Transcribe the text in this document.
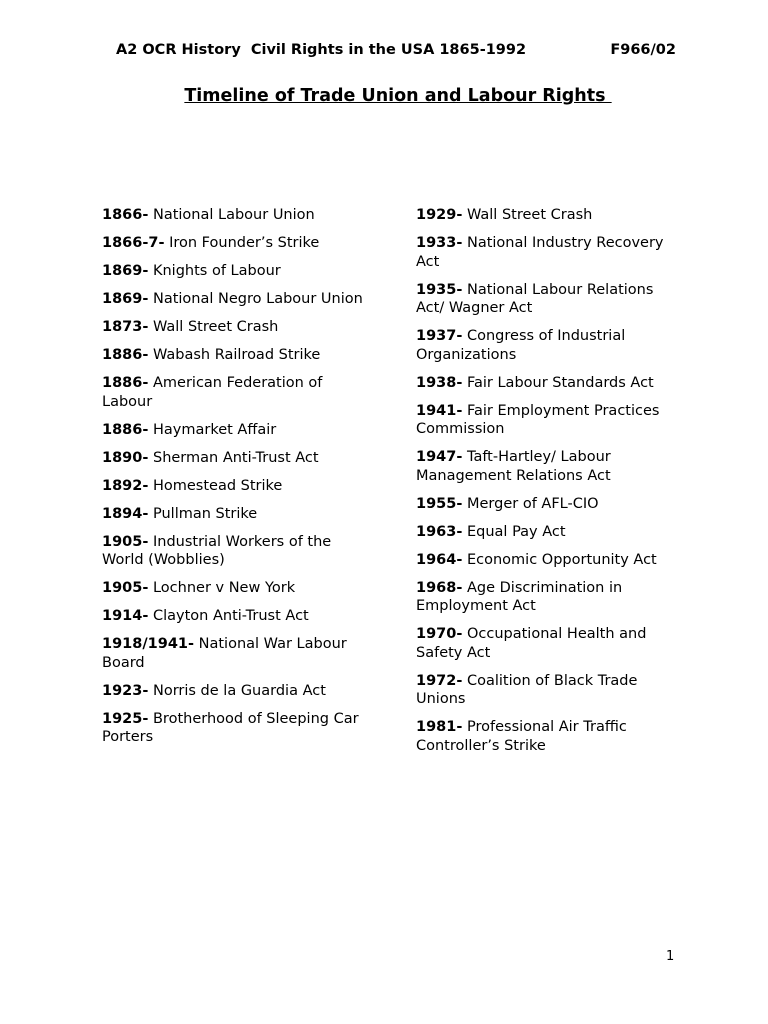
A2 OCR History  Civil Rights in the USA 1865-1992	F966/02
Timeline of Trade Union and Labour Rights
1866- National Labour Union
1866-7- Iron Founder’s Strike
1869- Knights of Labour
1869- National Negro Labour Union
1873- Wall Street Crash
1886- Wabash Railroad Strike
1886- American Federation of Labour
1886- Haymarket Affair
1890- Sherman Anti-Trust Act
1892- Homestead Strike
1894- Pullman Strike
1905- Industrial Workers of the World (Wobblies)
1905- Lochner v New York
1914- Clayton Anti-Trust Act
1918/1941- National War Labour Board
1923- Norris de la Guardia Act
1925- Brotherhood of Sleeping Car Porters
1929- Wall Street Crash
1933- National Industry Recovery Act
1935- National Labour Relations Act/ Wagner Act
1937- Congress of Industrial Organizations
1938- Fair Labour Standards Act
1941- Fair Employment Practices Commission
1947- Taft-Hartley/ Labour Management Relations Act
1955- Merger of AFL-CIO
1963- Equal Pay Act
1964- Economic Opportunity Act
1968- Age Discrimination in Employment Act
1970- Occupational Health and Safety Act
1972- Coalition of Black Trade Unions
1981- Professional Air Traffic Controller’s Strike
1
